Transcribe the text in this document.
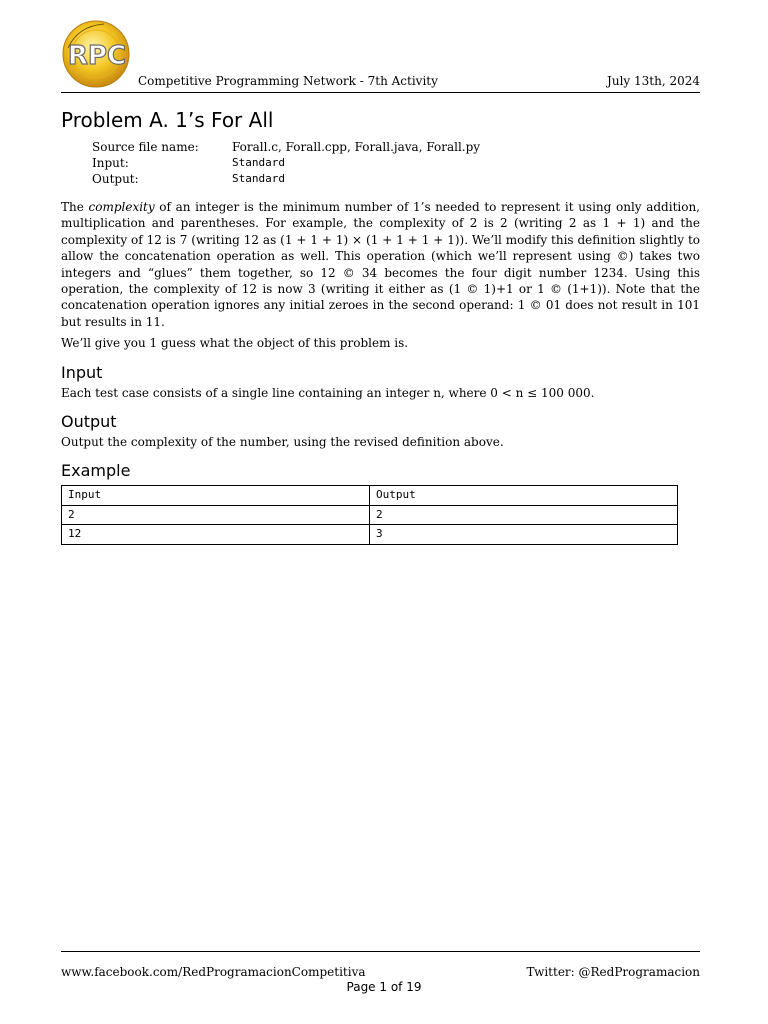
RPC
Competitive Programming Network - 7th Activity	July 13th, 2024
Problem A. 1’s For All
Source file name:	Forall.c, Forall.cpp, Forall.java, Forall.py
Input:	Standard
Output:	Standard

The complexity of an integer is the minimum number of 1’s needed to represent it using only addition, multiplication and parentheses. For example, the complexity of 2 is 2 (writing 2 as 1 + 1) and the complexity of 12 is 7 (writing 12 as (1 + 1 + 1) × (1 + 1 + 1 + 1)). We’ll modify this definition slightly to allow the concatenation operation as well. This operation (which we’ll represent using ©) takes two integers and “glues” them together, so 12 © 34 becomes the four digit number 1234. Using this operation, the complexity of 12 is now 3 (writing it either as (1 © 1)+1 or 1 © (1+1)). Note that the concatenation operation ignores any initial zeroes in the second operand: 1 © 01 does not result in 101 but results in 11.

We’ll give you 1 guess what the object of this problem is.

Input

Each test case consists of a single line containing an integer n, where 0 < n ≤ 100 000.

Output

Output the complexity of the number, using the revised definition above.

Example
Input	Output
2	2
12	3
www.facebook.com/RedProgramacionCompetitiva	Twitter: @RedProgramacion
Page 1 of 19
